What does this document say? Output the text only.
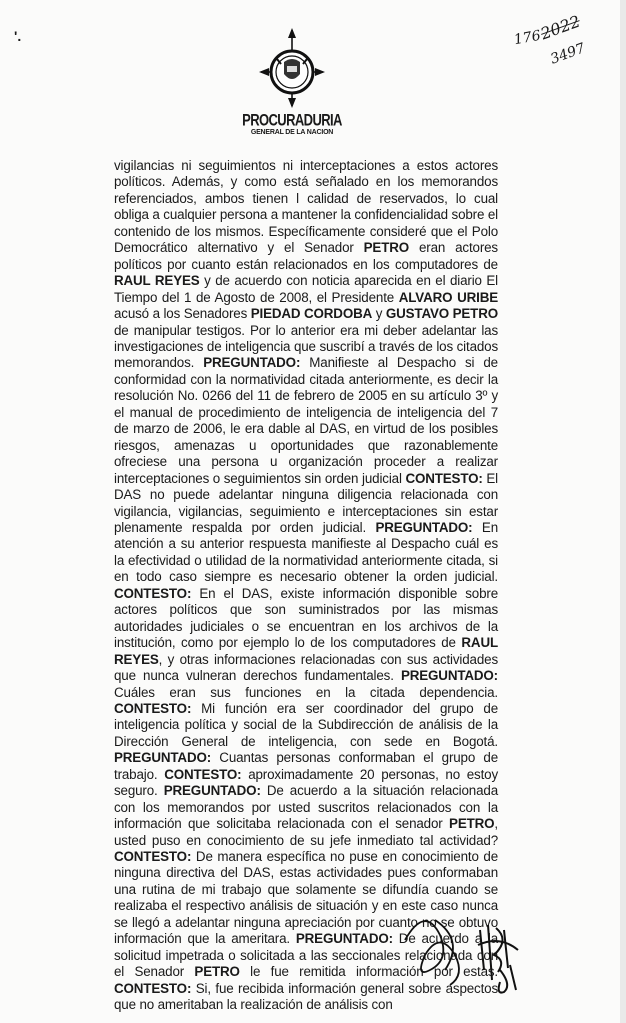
'.
PROCURADURIA
GENERAL DE LA NACION
176
2022
3497

vigilancias ni seguimientos ni interceptaciones a estos actores políticos. Además, y como está señalado en los memorandos referenciados, ambos tienen l calidad de reservados, lo cual obliga a cualquier persona a mantener la confidencialidad sobre el contenido de los mismos. Específicamente consideré que el Polo Democrático alternativo y el Senador PETRO eran actores políticos por cuanto están relacionados en los computadores de RAUL REYES y de acuerdo con noticia aparecida en el diario El Tiempo del 1 de Agosto de 2008, el Presidente ALVARO URIBE acusó a los Senadores PIEDAD CORDOBA y GUSTAVO PETRO de manipular testigos. Por lo anterior era mi deber adelantar las investigaciones de inteligencia que suscribí a través de los citados memorandos. PREGUNTADO: Manifieste al Despacho si de conformidad con la normatividad citada anteriormente, es decir la resolución No. 0266 del 11 de febrero de 2005 en su artículo 3º y el manual de procedimiento de inteligencia de inteligencia del 7 de marzo de 2006, le era dable al DAS, en virtud de los posibles riesgos, amenazas u oportunidades que razonablemente ofreciese una persona u organización proceder a realizar interceptaciones o seguimientos sin orden judicial CONTESTO: El DAS no puede adelantar ninguna diligencia relacionada con vigilancia, vigilancias, seguimiento e interceptaciones sin estar plenamente respalda por orden judicial. PREGUNTADO: En atención a su anterior respuesta manifieste al Despacho cuál es la efectividad o utilidad de la normatividad anteriormente citada, si en todo caso siempre es necesario obtener la orden judicial. CONTESTO: En el DAS, existe información disponible sobre actores políticos que son suministrados por las mismas autoridades judiciales o se encuentran en los archivos de la institución, como por ejemplo lo de los computadores de RAUL REYES, y otras informaciones relacionadas con sus actividades que nunca vulneran derechos fundamentales. PREGUNTADO: Cuáles eran sus funciones en la citada dependencia. CONTESTO: Mi función era ser coordinador del grupo de inteligencia política y social de la Subdirección de análisis de la Dirección General de inteligencia, con sede en Bogotá. PREGUNTADO: Cuantas personas conformaban el grupo de trabajo. CONTESTO: aproximadamente 20 personas, no estoy seguro. PREGUNTADO: De acuerdo a la situación relacionada con los memorandos por usted suscritos relacionados con la información que solicitaba relacionada con el senador PETRO, usted puso en conocimiento de su jefe inmediato tal actividad? CONTESTO: De manera específica no puse en conocimiento de ninguna directiva del DAS, estas actividades pues conformaban una rutina de mi trabajo que solamente se difundía cuando se realizaba el respectivo análisis de situación y en este caso nunca se llegó a adelantar ninguna apreciación por cuanto no se obtuvo información que la ameritara. PREGUNTADO: De acuerdo a la solicitud impetrada o solicitada a las seccionales relacionada con el Senador PETRO le fue remitida información por estas. CONTESTO: Si, fue recibida información general sobre aspectos que no ameritaban la realización de análisis con
